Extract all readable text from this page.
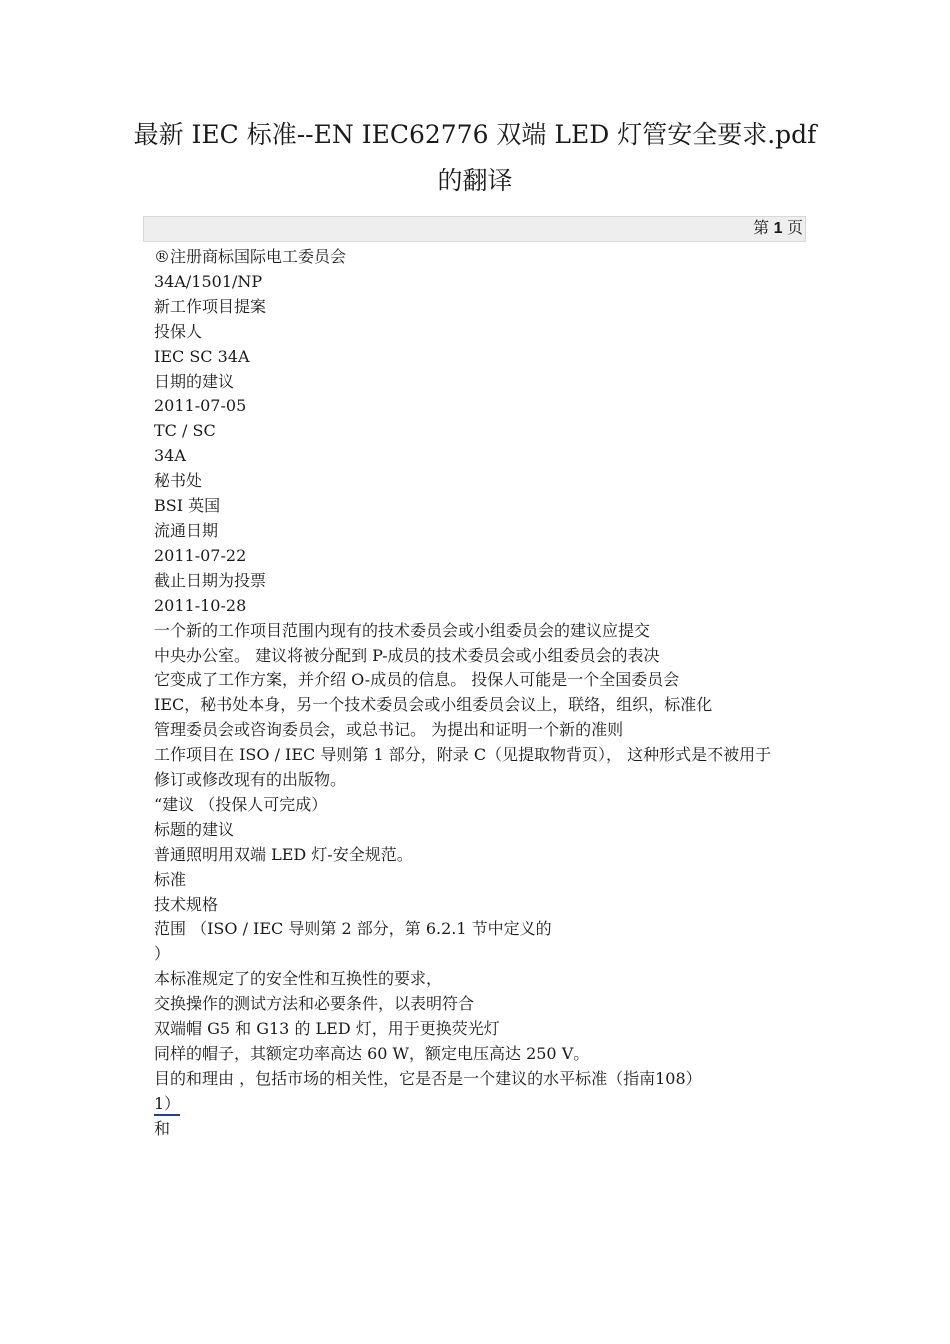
最新 IEC 标准--EN IEC62776 双端 LED 灯管安全要求.pdf
的翻译
第 1 页

®注册商标国际电工委员会

34A/1501/NP

新工作项目提案

投保人

IEC SC 34A

日期的建议

2011-07-05

TC / SC

34A

秘书处

BSI 英国

流通日期

2011-07-22

截止日期为投票

2011-10-28

一个新的工作项目范围内现有的技术委员会或小组委员会的建议应提交

中央办公室。 建议将被分配到 P-成员的技术委员会或小组委员会的表决

它变成了工作方案，并介绍 O-成员的信息。 投保人可能是一个全国委员会

IEC，秘书处本身，另一个技术委员会或小组委员会议上，联络，组织，标准化

管理委员会或咨询委员会，或总书记。 为提出和证明一个新的准则

工作项目在 ISO / IEC 导则第 1 部分，附录 C（见提取物背页）， 这种形式是不被用于

修订或修改现有的出版物。

“建议 （投保人可完成）

标题的建议

普通照明用双端 LED 灯-安全规范。

标准

技术规格

范围 （ISO / IEC 导则第 2 部分，第 6.2.1 节中定义的

）

本标准规定了的安全性和互换性的要求，

交换操作的测试方法和必要条件，以表明符合

双端帽 G5 和 G13 的 LED 灯，用于更换荧光灯

同样的帽子，其额定功率高达 60 W，额定电压高达 250 V。

目的和理由 ，包括市场的相关性，它是否是一个建议的水平标准（指南108）

1）

和
